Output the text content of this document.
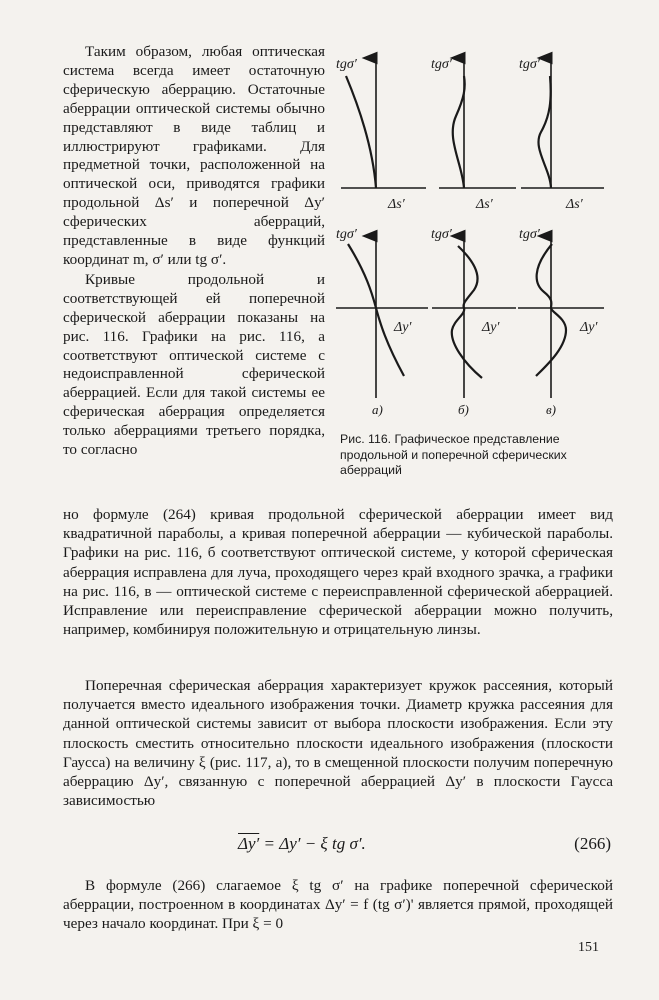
Таким образом, любая оптическая система всегда имеет остаточную сферическую аберрацию. Остаточные аберрации оптической системы обычно представляют в виде таблиц и иллюстрируют графиками. Для предметной точки, расположенной на оптической оси, приводятся графики продольной Δs′ и поперечной Δy′ сферических аберраций, представленные в виде функций координат m, σ′ или tg σ′.

Кривые продольной и соответствующей ей поперечной сферической аберрации показаны на рис. 116. Графики на рис. 116, а соответствуют оптической системе с недоисправленной сферической аберрацией. Если для такой системы ее сферическая аберрация определяется только аберрациями третьего порядка, то согласно

tgσ′	tgσ′	tgσ′
Δs′	Δs′	Δs′
tgσ′	tgσ′	tgσ′
Δy′	Δy′	Δy′
а)	б)	в)
Рис. 116. Графическое представление продольной и поперечной сферических аберраций

но формуле (264) кривая продольной сферической аберрации имеет вид квадратичной параболы, а кривая поперечной аберрации — кубической параболы. Графики на рис. 116, б соответствуют оптической системе, у которой сферическая аберрация исправлена для луча, проходящего через край входного зрачка, а графики на рис. 116, в — оптической системе с переисправленной сферической аберрацией. Исправление или переисправление сферической аберрации можно получить, например, комбинируя положительную и отрицательную линзы.

Поперечная сферическая аберрация характеризует кружок рассеяния, который получается вместо идеального изображения точки. Диаметр кружка рассеяния для данной оптической системы зависит от выбора плоскости изображения. Если эту плоскость сместить относительно плоскости идеального изображения (плоскости Гаусса) на величину ξ (рис. 117, а), то в смещенной плоскости получим поперечную аберрацию Δy′, связанную с поперечной аберрацией Δy′ в плоскости Гаусса зависимостью

Δy′ = Δy′ − ξ tg σ′.	(266)

В формуле (266) слагаемое ξ tg σ′ на графике поперечной сферической аберрации, построенном в координатах Δy′ = f (tg σ′)' является прямой, проходящей через начало координат. При ξ = 0

151
